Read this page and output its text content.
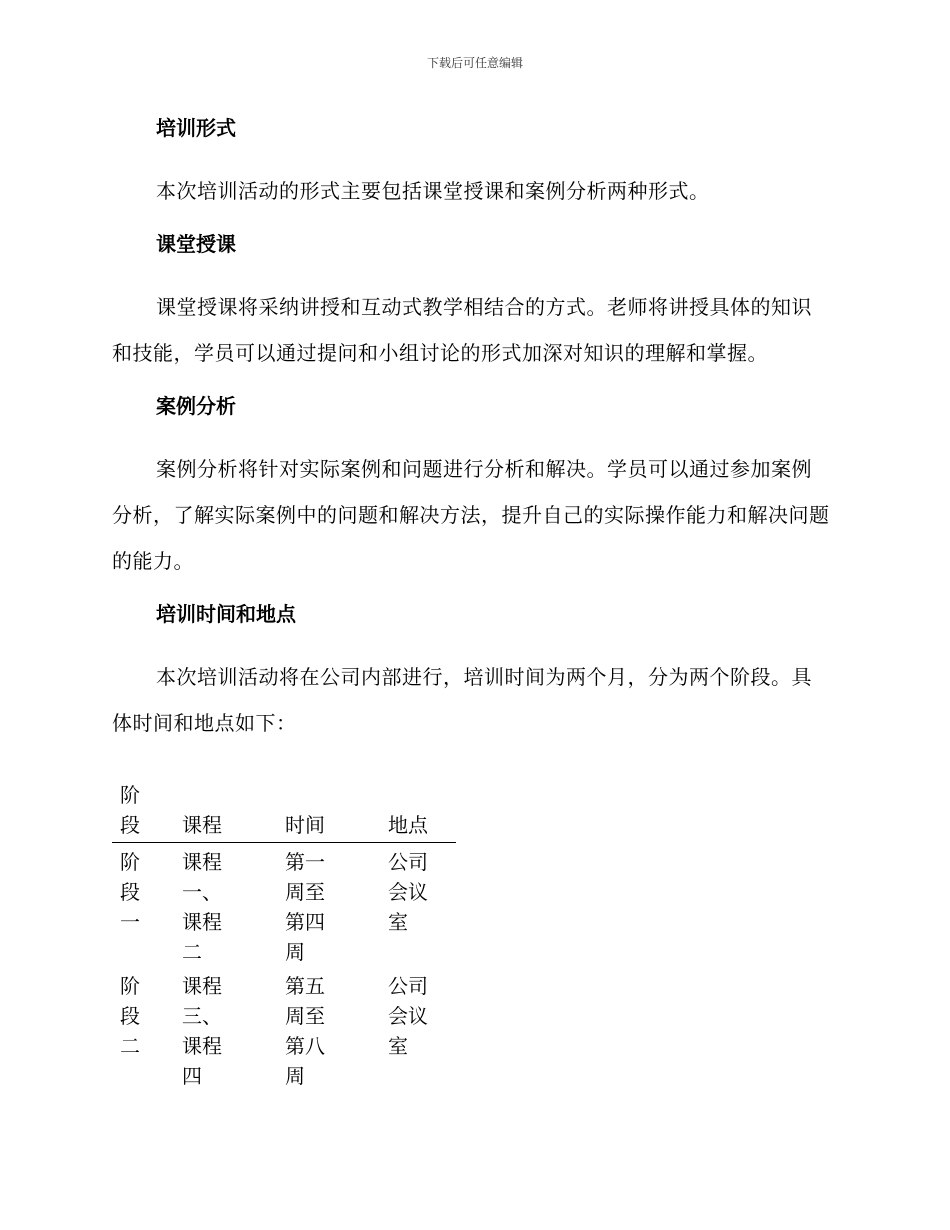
下载后可任意编辑
培训形式

本次培训活动的形式主要包括课堂授课和案例分析两种形式。

课堂授课

课堂授课将采纳讲授和互动式教学相结合的方式。老师将讲授具体的知识和技能，学员可以通过提问和小组讨论的形式加深对知识的理解和掌握。

案例分析

案例分析将针对实际案例和问题进行分析和解决。学员可以通过参加案例分析，了解实际案例中的问题和解决方法，提升自己的实际操作能力和解决问题的能力。

培训时间和地点

本次培训活动将在公司内部进行，培训时间为两个月，分为两个阶段。具体时间和地点如下：

阶段	课程	时间	地点

阶段一	课程一、课程二	第一周至第四周	公司会议室

阶段二	课程三、课程四	第五周至第八周	公司会议室
